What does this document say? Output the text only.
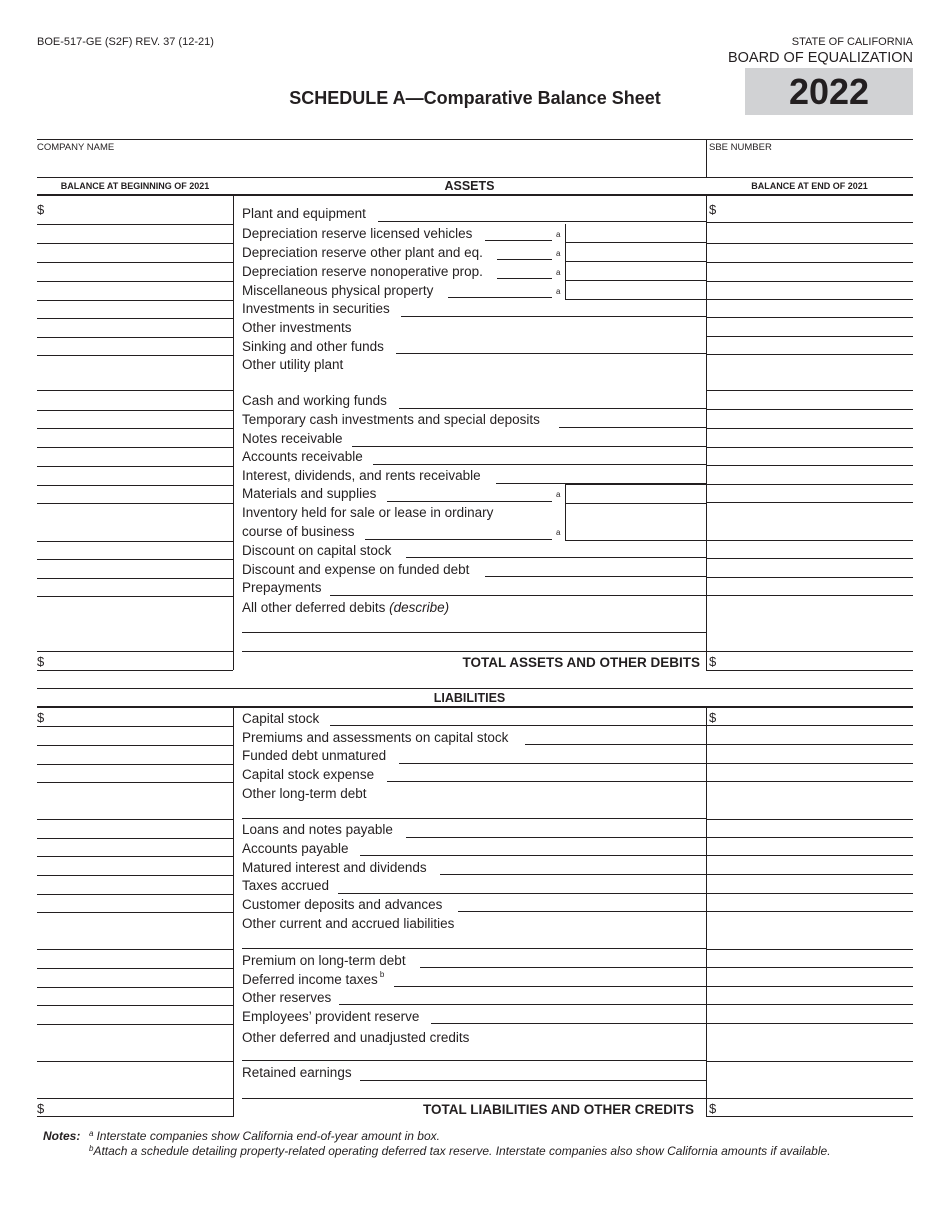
BOE-517-GE (S2F) REV. 37 (12-21)	STATE OF CALIFORNIA
BOARD OF EQUALIZATION
SCHEDULE A—Comparative Balance Sheet	2022
COMPANY NAME	SBE NUMBER
BALANCE AT BEGINNING OF 2021	ASSETS	BALANCE AT END OF 2021
$	$
Plant and equipment
Depreciation reserve licensed vehicles	a
Depreciation reserve other plant and eq.	a
Depreciation reserve nonoperative prop.	a
Miscellaneous physical property	a
Investments in securities
Other investments
Sinking and other funds
Other utility plant
Cash and working funds
Temporary cash investments and special deposits
Notes receivable
Accounts receivable
Interest, dividends, and rents receivable
Materials and supplies	a
Inventory held for sale or lease in ordinary
course of business	a
Discount on capital stock
Discount and expense on funded debt
Prepayments
All other deferred debits (describe)
$	TOTAL ASSETS AND OTHER DEBITS $
LIABILITIES
$	$
Capital stock
Premiums and assessments on capital stock
Funded debt unmatured
Capital stock expense
Other long-term debt
Loans and notes payable
Accounts payable
Matured interest and dividends
Taxes accrued
Customer deposits and advances
Other current and accrued liabilities
Premium on long-term debt
Deferred income taxes $^b$
Other reserves
Employees’ provident reserve
Other deferred and unadjusted credits
Retained earnings
$	TOTAL LIABILITIES AND OTHER CREDITS $
Notes: $^a$ Interstate companies show California end-of-year amount in box.
$^b$Attach a schedule detailing property-related operating deferred tax reserve. Interstate companies also show California amounts if available.
